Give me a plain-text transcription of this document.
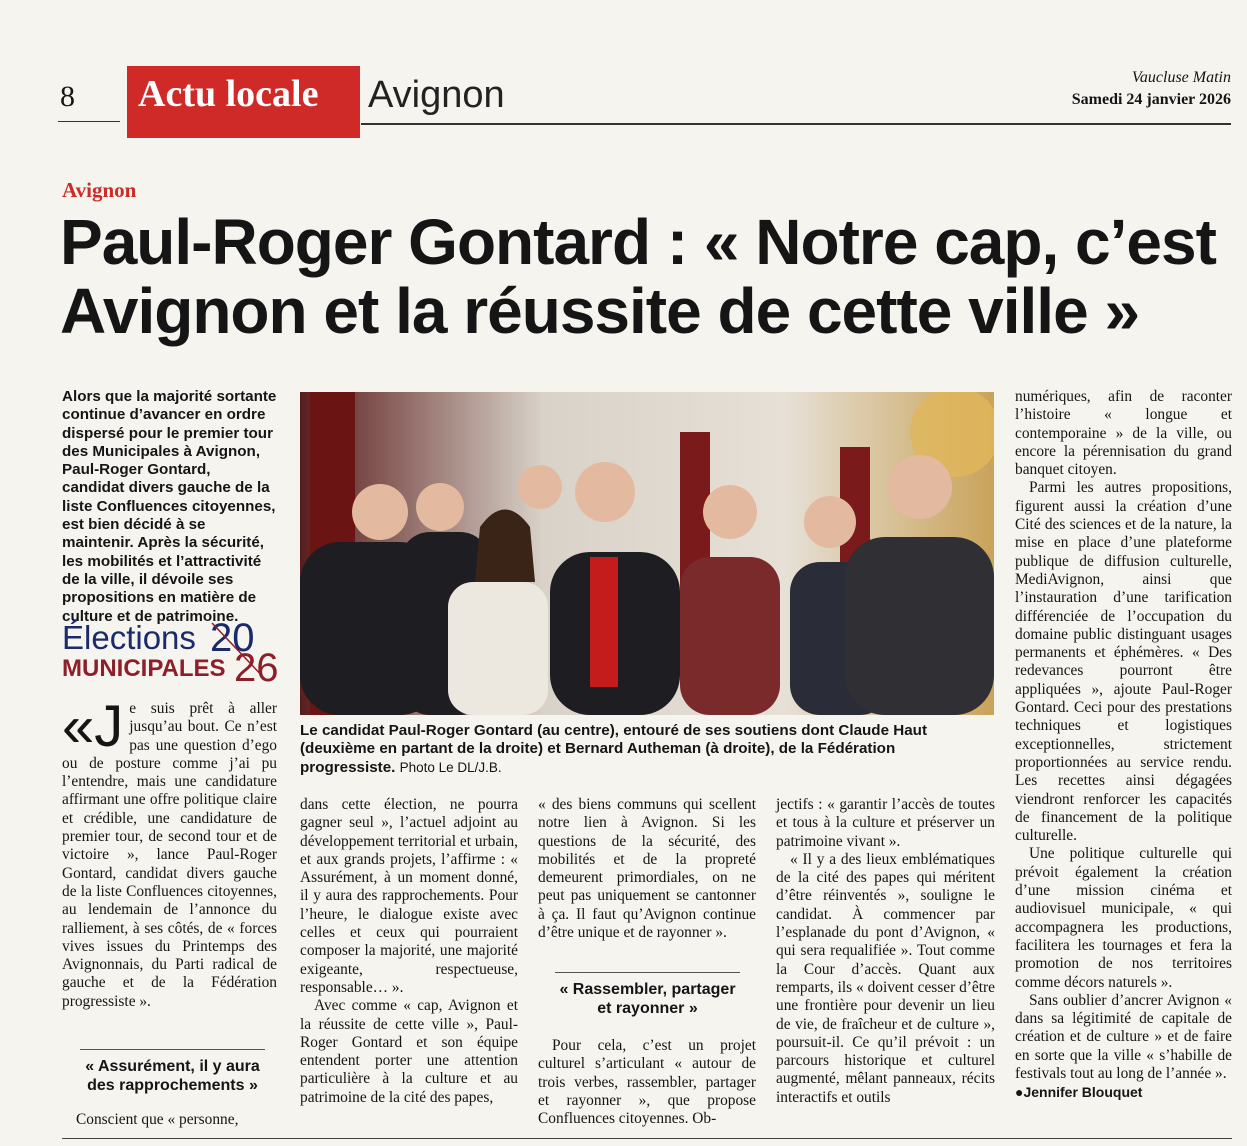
8 Actu locale Avignon	Vaucluse Matin
Samedi 24 janvier 2026
Avignon
Paul-Roger Gontard : « Notre cap, c’est Avignon et la réussite de cette ville »
Alors que la majorité sortante continue d’avancer en ordre dispersé pour le premier tour des Municipales à Avignon, Paul-Roger Gontard, candidat divers gauche de la liste Confluences citoyennes, est bien décidé à se maintenir. Après la sécurité, les mobilités et l’attractivité de la ville, il dévoile ses propositions en matière de culture et de patrimoine.
20
26
Élections
MUNICIPALES
Le candidat Paul-Roger Gontard (au centre), entouré de ses soutiens dont Claude Haut (deuxième en partant de la droite) et Bernard Autheman (à droite), de la Fédération progressiste. Photo Le DL/J.B.

«J e suis prêt à aller jusqu’au bout. Ce n’est pas une question d’ego ou de posture comme j’ai pu l’entendre, mais une candidature affirmant une offre politique claire et crédible, une candidature de premier tour, de second tour et de victoire », lance Paul-Roger Gontard, candidat divers gauche de la liste Confluences citoyennes, au lendemain de l’annonce du ralliement, à ses côtés, de « forces vives issues du Printemps des Avignonnais, du Parti radical de gauche et de la Fédération progressiste ».

« Assurément, il y aura des rapprochements »

Conscient que « personne,

dans cette élection, ne pourra gagner seul », l’actuel adjoint au développement territorial et urbain, et aux grands projets, l’affirme : « Assurément, à un moment donné, il y aura des rapprochements. Pour l’heure, le dialogue existe avec celles et ceux qui pourraient composer la majorité, une majorité exigeante, respectueuse, responsable… ».

Avec comme « cap, Avignon et la réussite de cette ville », Paul-Roger Gontard et son équipe entendent porter une attention particulière à la culture et au patrimoine de la cité des papes,

« des biens communs qui scellent notre lien à Avignon. Si les questions de la sécurité, des mobilités et de la propreté demeurent primordiales, on ne peut pas uniquement se cantonner à ça. Il faut qu’Avignon continue d’être unique et de rayonner ».

« Rassembler, partager et rayonner »

Pour cela, c’est un projet culturel s’articulant « autour de trois verbes, rassembler, partager et rayonner », que propose Confluences citoyennes. Ob-

jectifs : « garantir l’accès de toutes et tous à la culture et préserver un patrimoine vivant ».

« Il y a des lieux emblématiques de la cité des papes qui méritent d’être réinventés », souligne le candidat. À commencer par l’esplanade du pont d’Avignon, « qui sera requalifiée ». Tout comme la Cour d’accès. Quant aux remparts, ils « doivent cesser d’être une frontière pour devenir un lieu de vie, de fraîcheur et de culture », poursuit-il. Ce qu’il prévoit : un parcours historique et culturel augmenté, mêlant panneaux, récits interactifs et outils

numériques, afin de raconter l’histoire « longue et contemporaine » de la ville, ou encore la pérennisation du grand banquet citoyen.

Parmi les autres propositions, figurent aussi la création d’une Cité des sciences et de la nature, la mise en place d’une plateforme publique de diffusion culturelle, MediAvignon, ainsi que l’instauration d’une tarification différenciée de l’occupation du domaine public distinguant usages permanents et éphémères. « Des redevances pourront être appliquées », ajoute Paul-Roger Gontard. Ceci pour des prestations techniques et logistiques exceptionnelles, strictement proportionnées au service rendu. Les recettes ainsi dégagées viendront renforcer les capacités de financement de la politique culturelle.

Une politique culturelle qui prévoit également la création d’une mission cinéma et audiovisuel municipale, « qui accompagnera les productions, facilitera les tournages et fera la promotion de nos territoires comme décors naturels ».

Sans oublier d’ancrer Avignon « dans sa légitimité de capitale de création et de culture » et de faire en sorte que la ville « s’habille de festivals tout au long de l’année ».

●Jennifer Blouquet
